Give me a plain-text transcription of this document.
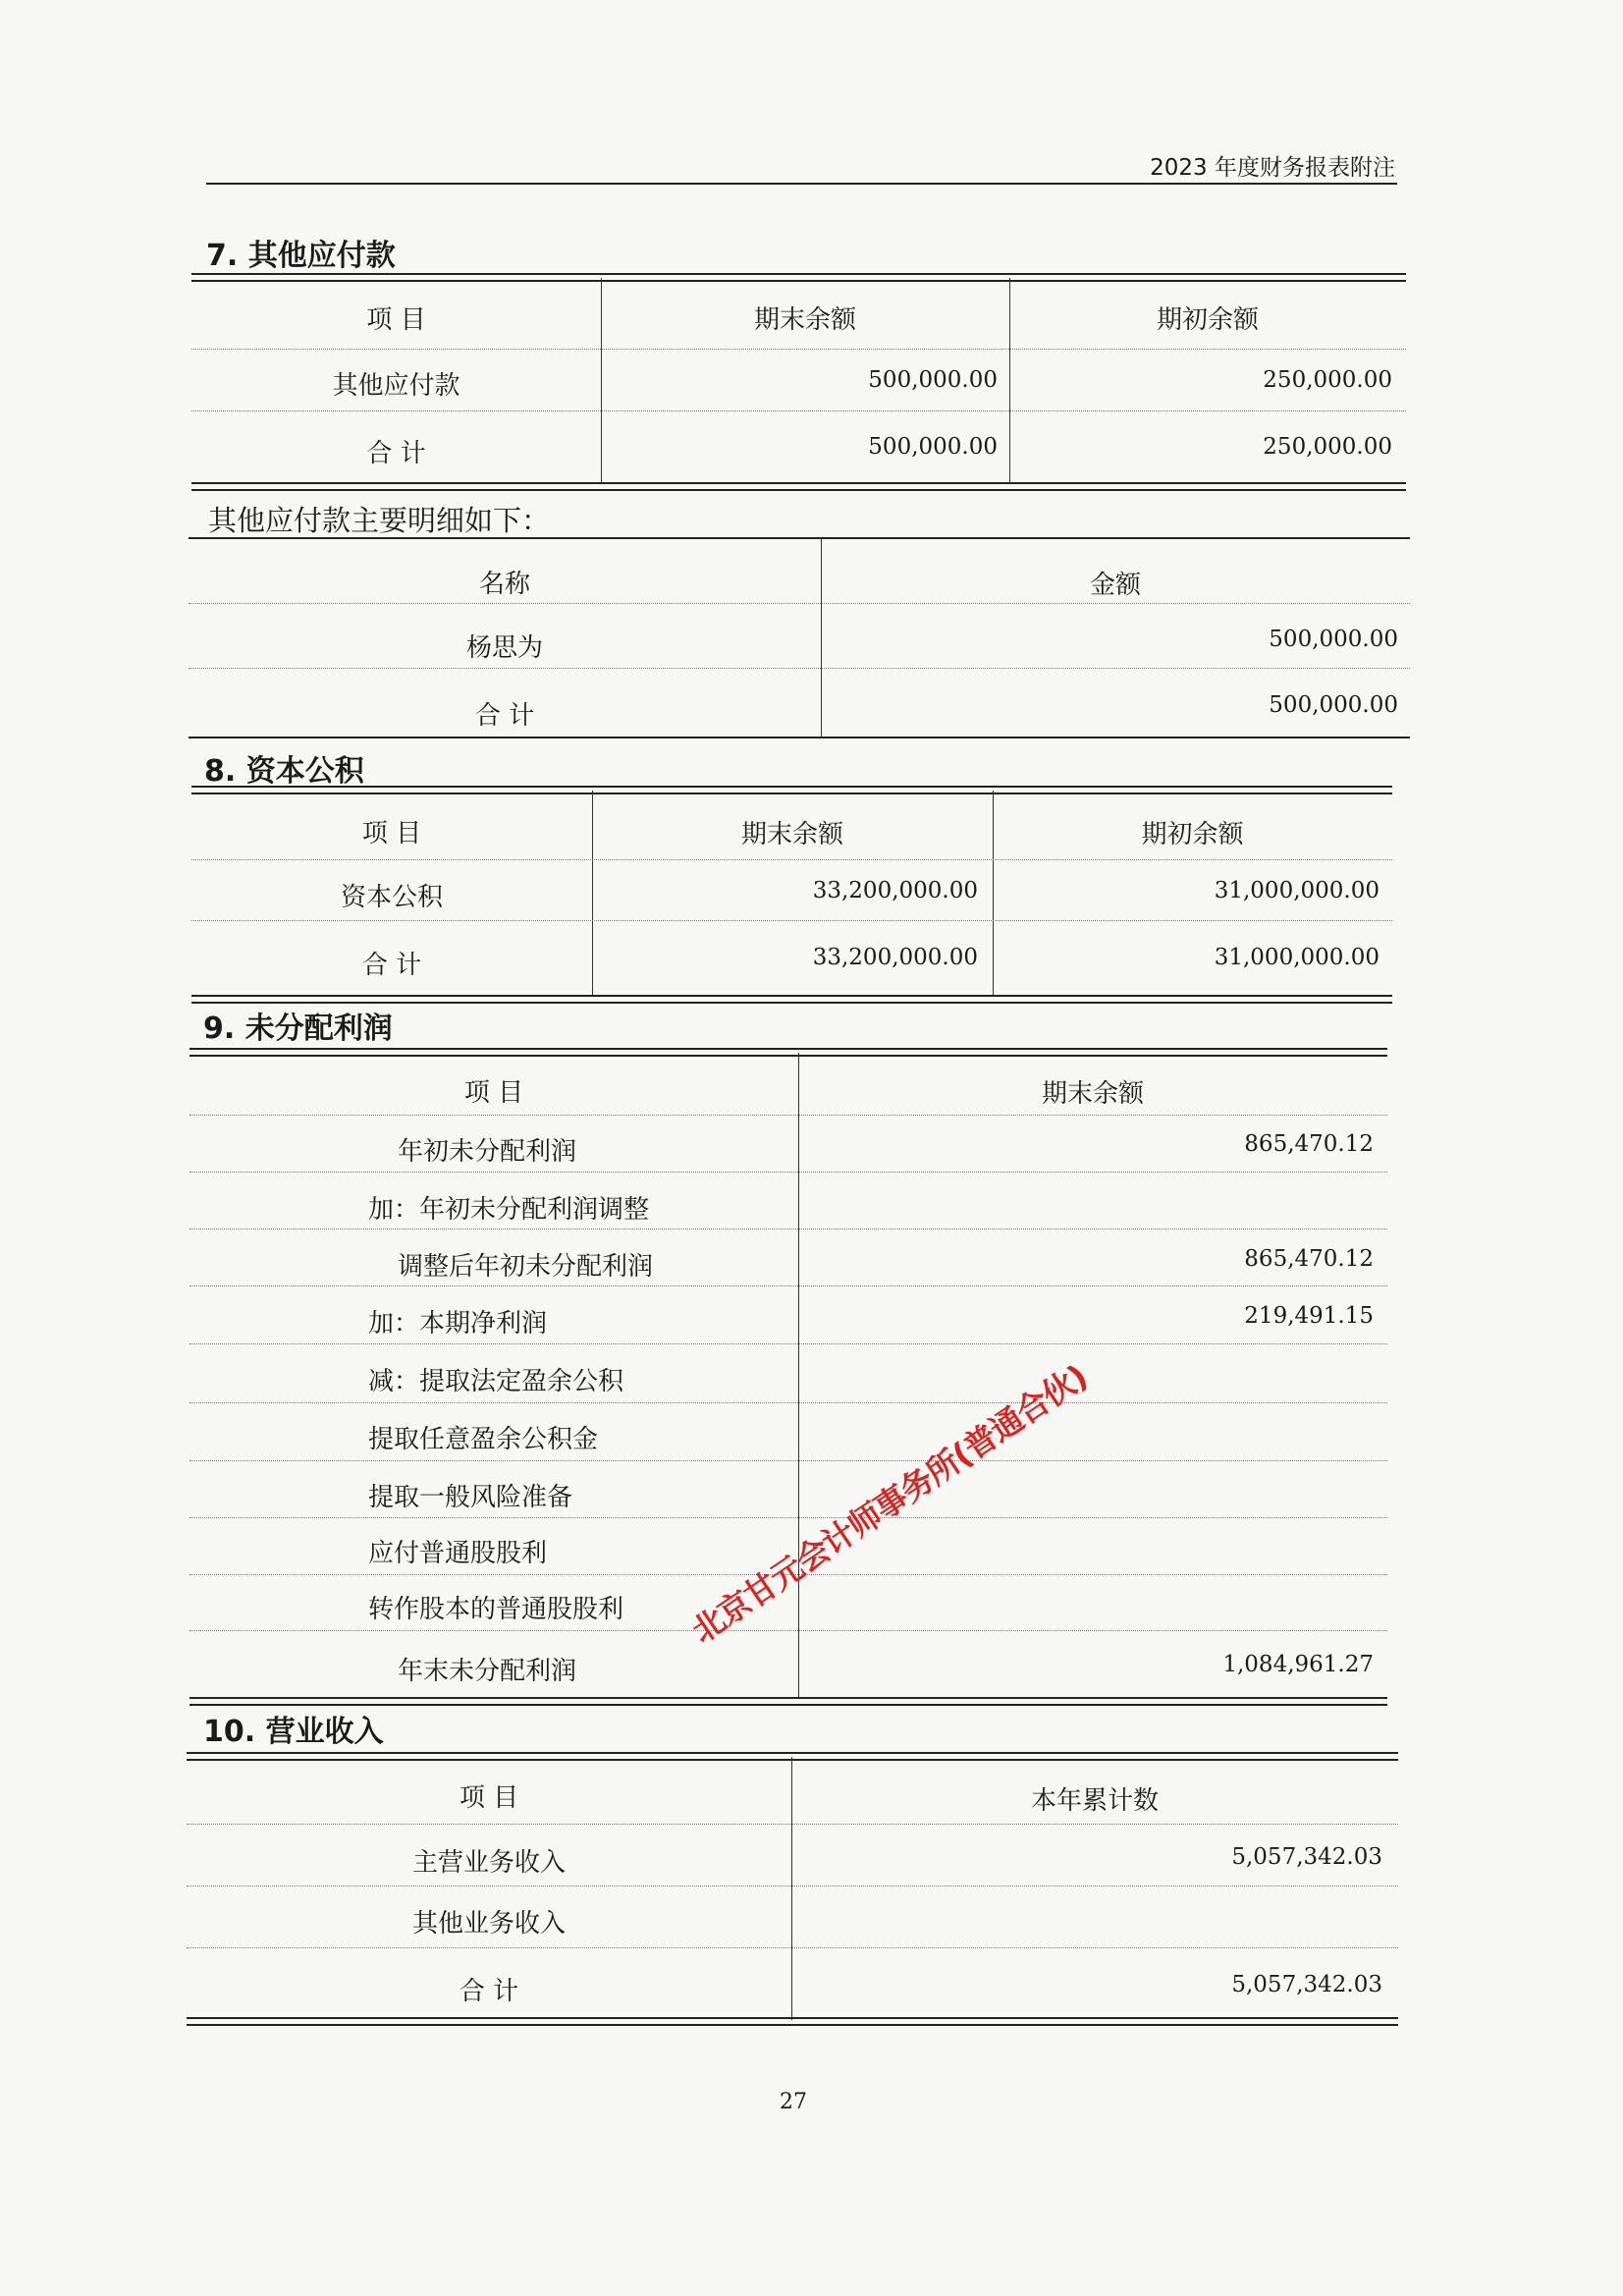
2023 年度财务报表附注
7. 其他应付款
项 目	期末余额	期初余额
其他应付款	500,000.00	250,000.00
合 计	500,000.00	250,000.00
其他应付款主要明细如下：
名称	金额
杨思为	500,000.00
合 计	500,000.00
8. 资本公积
项 目	期末余额	期初余额
资本公积	33,200,000.00	31,000,000.00
合 计	33,200,000.00	31,000,000.00
9. 未分配利润
项 目	期末余额
年初未分配利润	865,470.12
加：年初未分配利润调整
调整后年初未分配利润	865,470.12
加：本期净利润	219,491.15
减：提取法定盈余公积
提取任意盈余公积金
提取一般风险准备
应付普通股股利
转作股本的普通股股利
年末未分配利润	1,084,961.27
10. 营业收入
项 目	本年累计数
主营业务收入	5,057,342.03
其他业务收入
合 计	5,057,342.03
北京甘元会计师事务所(普通合伙)
27
